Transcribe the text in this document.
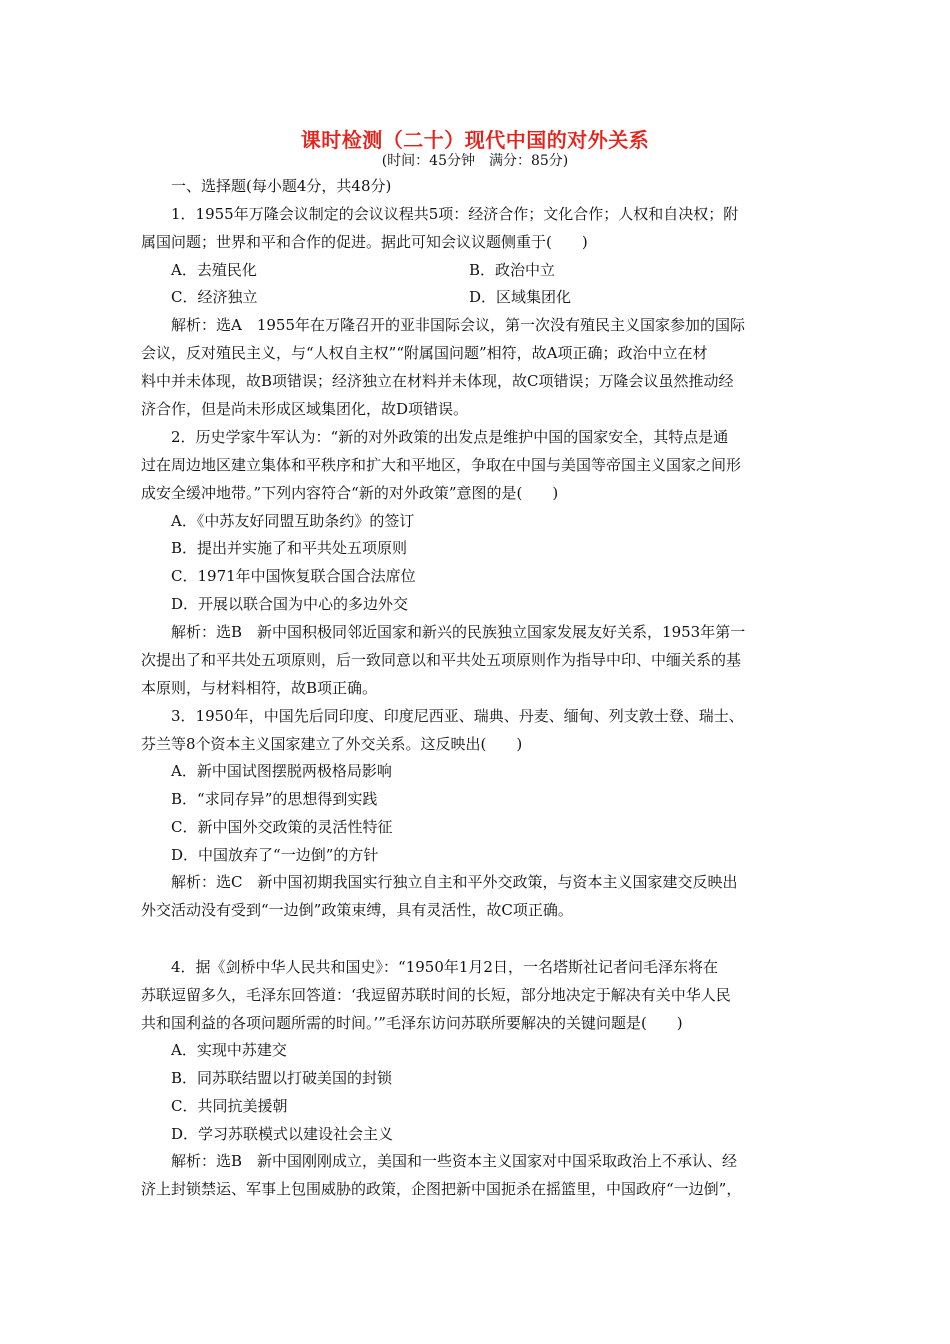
课时检测（二十）现代中国的对外关系
(时间：45分钟　满分：85分)
一、选择题(每小题4分，共48分)
1．1955年万隆会议制定的会议议程共5项：经济合作；文化合作；人权和自决权；附
属国问题；世界和平和合作的促进。据此可知会议议题侧重于(　　)
A．去殖民化	B．政治中立
C．经济独立	D．区域集团化
解析：选A　1955年在万隆召开的亚非国际会议，第一次没有殖民主义国家参加的国际
会议，反对殖民主义，与“人权自主权”“附属国问题”相符，故A项正确；政治中立在材
料中并未体现，故B项错误；经济独立在材料并未体现，故C项错误；万隆会议虽然推动经
济合作，但是尚未形成区域集团化，故D项错误。
2．历史学家牛军认为：“新的对外政策的出发点是维护中国的国家安全，其特点是通
过在周边地区建立集体和平秩序和扩大和平地区，争取在中国与美国等帝国主义国家之间形
成安全缓冲地带。”下列内容符合“新的对外政策”意图的是(　　)
A．《中苏友好同盟互助条约》的签订
B．提出并实施了和平共处五项原则
C．1971年中国恢复联合国合法席位
D．开展以联合国为中心的多边外交
解析：选B　新中国积极同邻近国家和新兴的民族独立国家发展友好关系，1953年第一
次提出了和平共处五项原则，后一致同意以和平共处五项原则作为指导中印、中缅关系的基
本原则，与材料相符，故B项正确。
3．1950年，中国先后同印度、印度尼西亚、瑞典、丹麦、缅甸、列支敦士登、瑞士、
芬兰等8个资本主义国家建立了外交关系。这反映出(　　)
A．新中国试图摆脱两极格局影响
B．“求同存异”的思想得到实践
C．新中国外交政策的灵活性特征
D．中国放弃了“一边倒”的方针
解析：选C　新中国初期我国实行独立自主和平外交政策，与资本主义国家建交反映出
外交活动没有受到“一边倒”政策束缚，具有灵活性，故C项正确。
4．据《剑桥中华人民共和国史》：“1950年1月2日，一名塔斯社记者问毛泽东将在
苏联逗留多久，毛泽东回答道：‘我逗留苏联时间的长短，部分地决定于解决有关中华人民
共和国利益的各项问题所需的时间。’”毛泽东访问苏联所要解决的关键问题是(　　)
A．实现中苏建交
B．同苏联结盟以打破美国的封锁
C．共同抗美援朝
D．学习苏联模式以建设社会主义
解析：选B　新中国刚刚成立，美国和一些资本主义国家对中国采取政治上不承认、经
济上封锁禁运、军事上包围威胁的政策，企图把新中国扼杀在摇篮里，中国政府“一边倒”，
